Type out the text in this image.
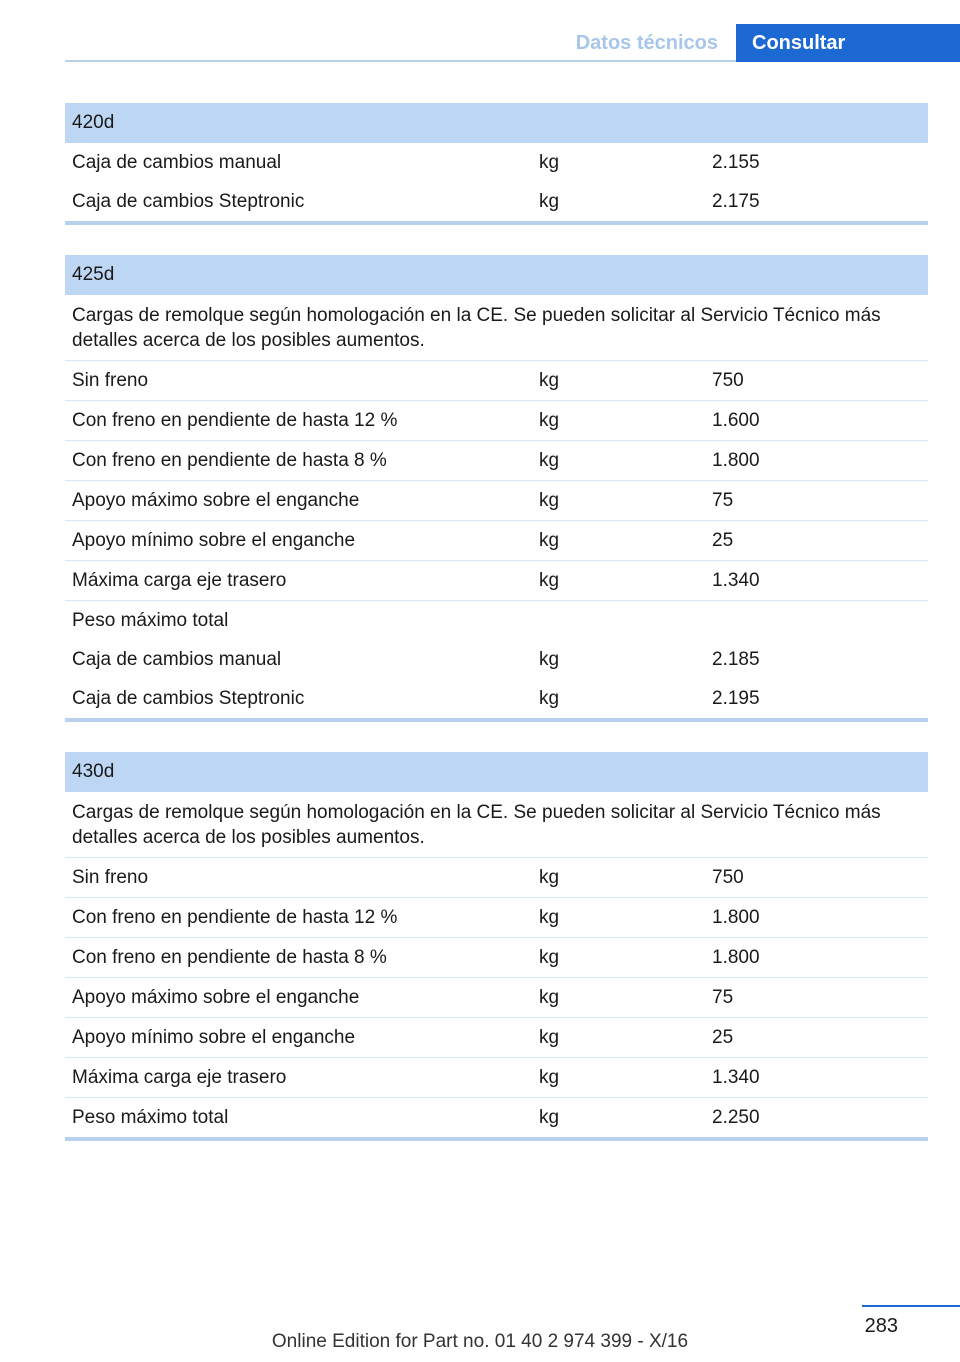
Datos técnicos	Consultar
420d
Caja de cambios manual	kg	2.155
Caja de cambios Steptronic	kg	2.175
425d
Cargas de remolque según homologación en la CE. Se pueden solicitar al Servicio Técnico más detalles acerca de los posibles aumentos.
Sin freno	kg	750
Con freno en pendiente de hasta 12 %	kg	1.600
Con freno en pendiente de hasta 8 %	kg	1.800
Apoyo máximo sobre el enganche	kg	75
Apoyo mínimo sobre el enganche	kg	25
Máxima carga eje trasero	kg	1.340
Peso máximo total
Caja de cambios manual	kg	2.185
Caja de cambios Steptronic	kg	2.195
430d
Cargas de remolque según homologación en la CE. Se pueden solicitar al Servicio Técnico más detalles acerca de los posibles aumentos.
Sin freno	kg	750
Con freno en pendiente de hasta 12 %	kg	1.800
Con freno en pendiente de hasta 8 %	kg	1.800
Apoyo máximo sobre el enganche	kg	75
Apoyo mínimo sobre el enganche	kg	25
Máxima carga eje trasero	kg	1.340
Peso máximo total	kg	2.250
283
Online Edition for Part no. 01 40 2 974 399 - X/16
